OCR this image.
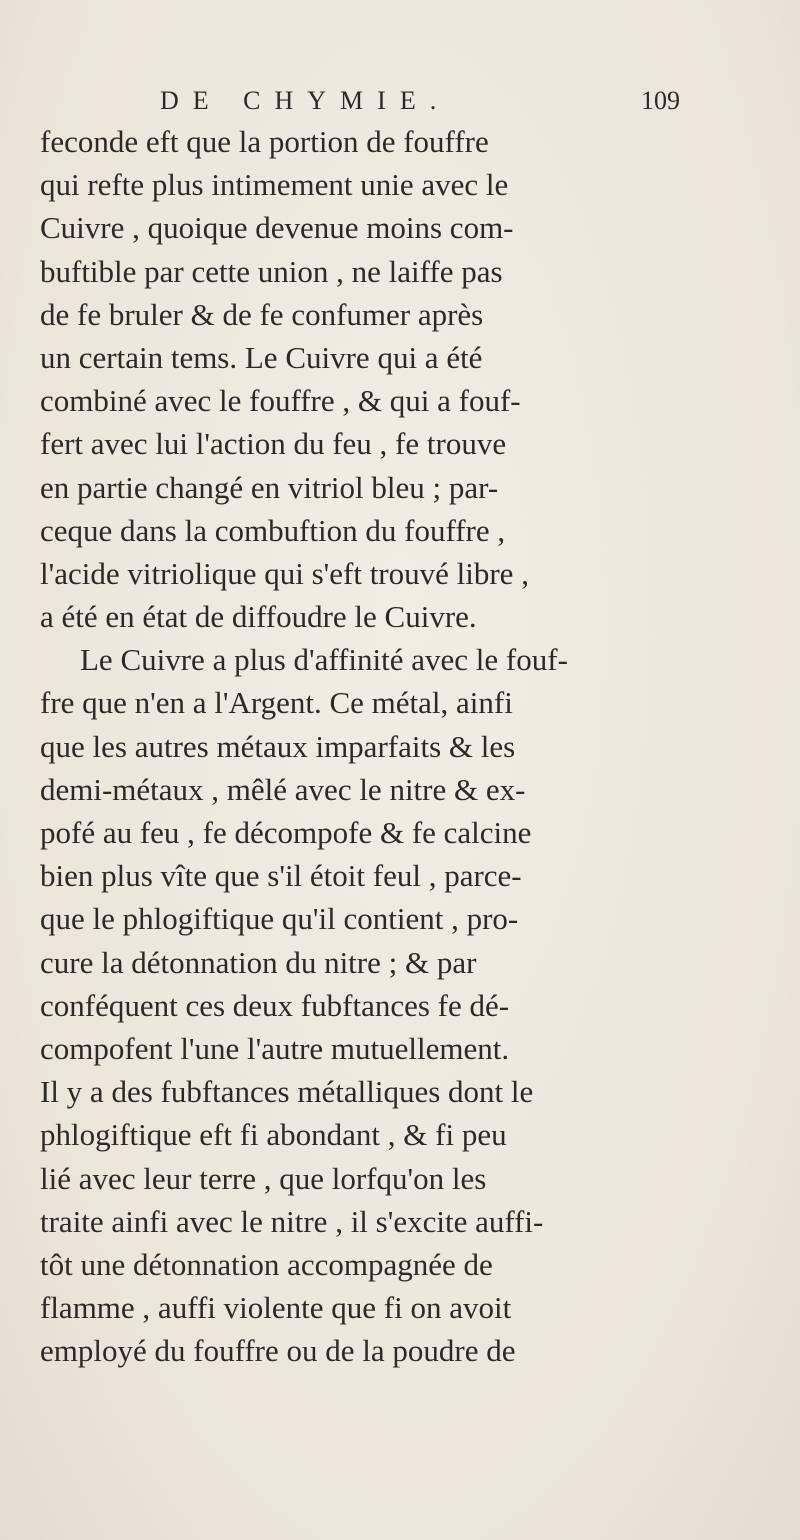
DE CHYMIE.	109
feconde eft que la portion de fouffre
qui refte plus intimement unie avec le
Cuivre , quoique devenue moins com-
buftible par cette union , ne laiffe pas
de fe bruler & de fe confumer après
un certain tems. Le Cuivre qui a été
combiné avec le fouffre , & qui a fouf-
fert avec lui l'action du feu , fe trouve
en partie changé en vitriol bleu ; par-
ceque dans la combuftion du fouffre ,
l'acide vitriolique qui s'eft trouvé libre ,
a été en état de diffoudre le Cuivre.
Le Cuivre a plus d'affinité avec le fouf-
fre que n'en a l'Argent. Ce métal, ainfi
que les autres métaux imparfaits & les
demi-métaux , mêlé avec le nitre & ex-
pofé au feu , fe décompofe & fe calcine
bien plus vîte que s'il étoit feul , parce-
que le phlogiftique qu'il contient , pro-
cure la détonnation du nitre ; & par
conféquent ces deux fubftances fe dé-
compofent l'une l'autre mutuellement.
Il y a des fubftances métalliques dont le
phlogiftique eft fi abondant , & fi peu
lié avec leur terre , que lorfqu'on les
traite ainfi avec le nitre , il s'excite auffi-
tôt une détonnation accompagnée de
flamme , auffi violente que fi on avoit
employé du fouffre ou de la poudre de
